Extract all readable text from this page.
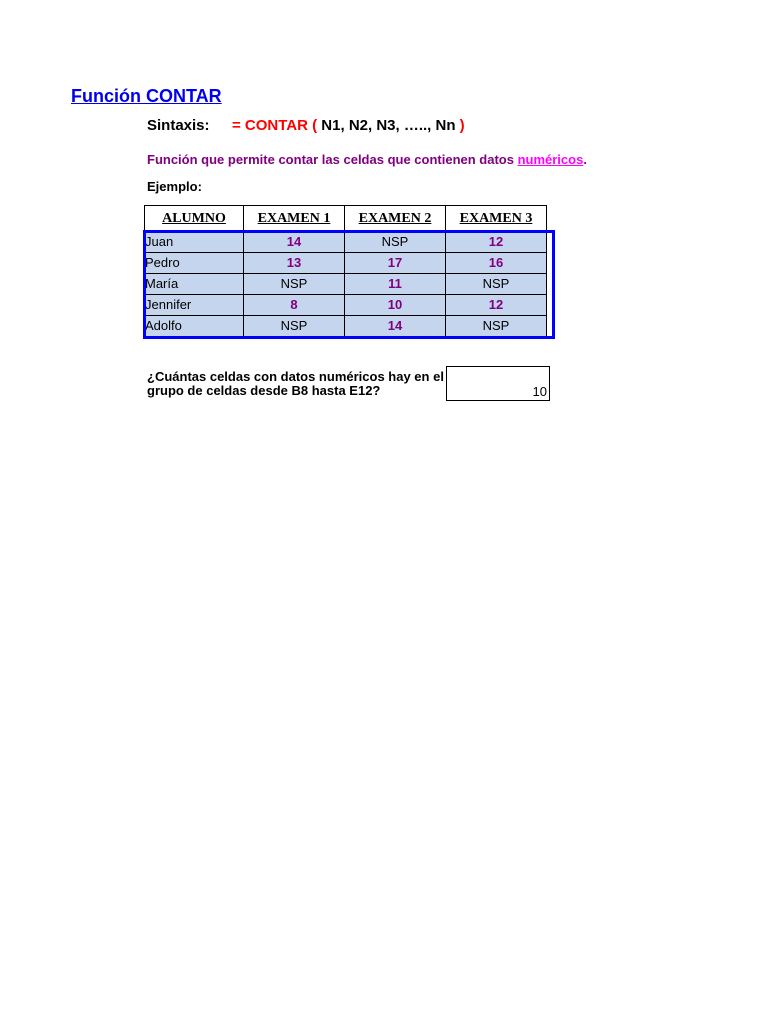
Función CONTAR
Sintaxis: = CONTAR ( N1, N2, N3, ….., Nn )
Función que permite contar las celdas que contienen datos numéricos.
Ejemplo:
ALUMNO	EXAMEN 1	EXAMEN 2	EXAMEN 3
Juan	14	NSP	12
Pedro	13	17	16
María	NSP	11	NSP
Jennifer	8	10	12
Adolfo	NSP	14	NSP
¿Cuántas celdas con datos numéricos hay en el grupo de celdas desde B8 hasta E12?	10
